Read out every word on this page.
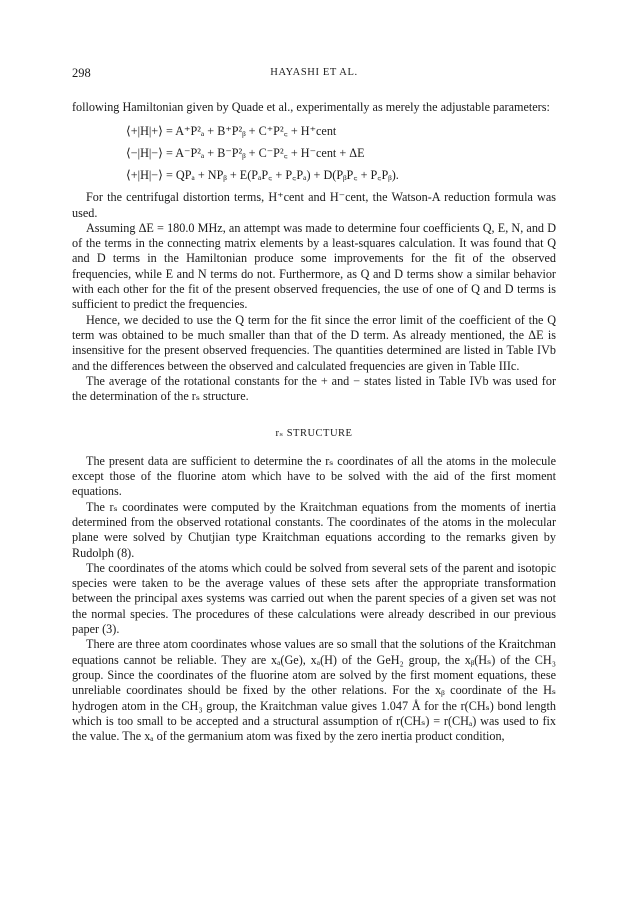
298	HAYASHI ET AL.

following Hamiltonian given by Quade et al., experimentally as merely the adjustable parameters:

⟨+|H|+⟩ = A⁺P²ₐ + B⁺P²ᵦ + C⁺P²꜀ + H⁺cent
⟨−|H|−⟩ = A⁻P²ₐ + B⁻P²ᵦ + C⁻P²꜀ + H⁻cent + ΔE
⟨+|H|−⟩ = QPₐ + NPᵦ + E(PₐP꜀ + P꜀Pₐ) + D(PᵦP꜀ + P꜀Pᵦ).

For the centrifugal distortion terms, H⁺cent and H⁻cent, the Watson-A reduction formula was used.

Assuming ΔE = 180.0 MHz, an attempt was made to determine four coefficients Q, E, N, and D of the terms in the connecting matrix elements by a least-squares calculation. It was found that Q and D terms in the Hamiltonian produce some improvements for the fit of the observed frequencies, while E and N terms do not. Furthermore, as Q and D terms show a similar behavior with each other for the fit of the present observed frequencies, the use of one of Q and D terms is sufficient to predict the frequencies.

Hence, we decided to use the Q term for the fit since the error limit of the coefficient of the Q term was obtained to be much smaller than that of the D term. As already mentioned, the ΔE is insensitive for the present observed frequencies. The quantities determined are listed in Table IVb and the differences between the observed and calculated frequencies are given in Table IIIc.

The average of the rotational constants for the + and − states listed in Table IVb was used for the determination of the rₛ structure.

rₛ STRUCTURE

The present data are sufficient to determine the rₛ coordinates of all the atoms in the molecule except those of the fluorine atom which have to be solved with the aid of the first moment equations.

The rₛ coordinates were computed by the Kraitchman equations from the moments of inertia determined from the observed rotational constants. The coordinates of the atoms in the molecular plane were solved by Chutjian type Kraitchman equations according to the remarks given by Rudolph (8).

The coordinates of the atoms which could be solved from several sets of the parent and isotopic species were taken to be the average values of these sets after the appropriate transformation between the principal axes systems was carried out when the parent species of a given set was not the normal species. The procedures of these calculations were already described in our previous paper (3).

There are three atom coordinates whose values are so small that the solutions of the Kraitchman equations cannot be reliable. They are xₐ(Ge), xₐ(H) of the GeH₂ group, the xᵦ(Hₛ) of the CH₃ group. Since the coordinates of the fluorine atom are solved by the first moment equations, these unreliable coordinates should be fixed by the other relations. For the xᵦ coordinate of the Hₛ hydrogen atom in the CH₃ group, the Kraitchman value gives 1.047 Å for the r(CHₛ) bond length which is too small to be accepted and a structural assumption of r(CHₛ) = r(CHₐ) was used to fix the value. The xₐ of the germanium atom was fixed by the zero inertia product condition,
